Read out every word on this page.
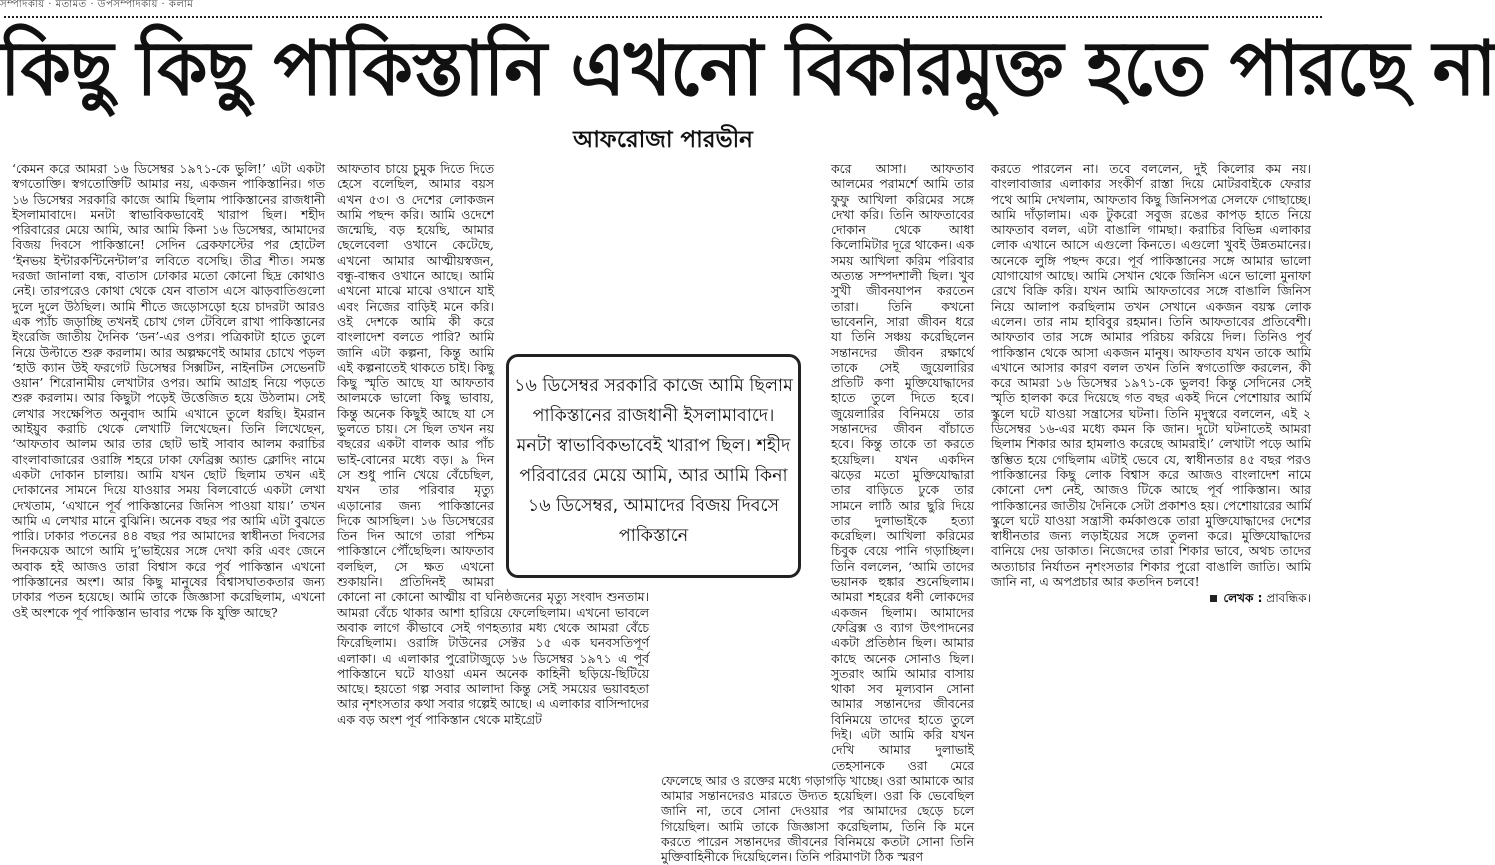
সম্পাদকীয় · মতামত · উপসম্পাদকীয় · কলাম
কিছু কিছু পাকিস্তানি এখনো বিকারমুক্ত হতে পারছে না
আফরোজা পারভীন

‘কেমন করে আমরা ১৬ ডিসেম্বর ১৯৭১-কে ভুলি!’ এটা একটা স্বগতোক্তি। স্বগতোক্তিটি আমার নয়, একজন পাকিস্তানির। গত ১৬ ডিসেম্বর সরকারি কাজে আমি ছিলাম পাকিস্তানের রাজধানী ইসলামাবাদে। মনটা স্বাভাবিকভাবেই খারাপ ছিল। শহীদ পরিবারের মেয়ে আমি, আর আমি কিনা ১৬ ডিসেম্বর, আমাদের বিজয় দিবসে পাকিস্তানে! সেদিন ব্রেকফাস্টের পর হোটেল ‘ইনভয় ইন্টারকন্টিনেন্টাল’র লবিতে বসেছি। তীব্র শীত। সমস্ত দরজা জানালা বন্ধ, বাতাস ঢোকার মতো কোনো ছিদ্র কোথাও নেই। তারপরেও কোথা থেকে যেন বাতাস এসে ঝাড়বাতিগুলো দুলে দুলে উঠছিল। আমি শীতে জড়োসড়ো হয়ে চাদরটা আরও এক প্যাঁচ জড়াচ্ছি তখনই চোখ গেল টেবিলে রাখা পাকিস্তানের ইংরেজি জাতীয় দৈনিক ‘ডন’-এর ওপর। পত্রিকাটা হাতে তুলে নিয়ে উল্টাতে শুরু করলাম। আর অল্পক্ষণেই আমার চোখে পড়ল ‘হাউ ক্যান উই ফরগেট ডিসেম্বর সিক্সটিন, নাইনটিন সেভেনটি ওয়ান’ শিরোনামীয় লেখাটার ওপর। আমি আগ্রহ নিয়ে পড়তে শুরু করলাম। আর কিছুটা পড়েই উত্তেজিত হয়ে উঠলাম। সেই লেখার সংক্ষেপিত অনুবাদ আমি এখানে তুলে ধরছি। ইমরান আইয়ুব করাচি থেকে লেখাটি লিখেছেন। তিনি লিখেছেন, ‘আফতাব আলম আর তার ছোট ভাই সাবাব আলম করাচির বাংলাবাজারের ওরাঙ্গি শহরে ঢাকা ফেব্রিক্স অ্যান্ড ক্লোদিং নামে একটা দোকান চালায়। আমি যখন ছোট ছিলাম তখন এই দোকানের সামনে দিয়ে যাওয়ার সময় বিলবোর্ডে একটা লেখা দেখতাম, ‘এখানে পূর্ব পাকিস্তানের জিনিস পাওয়া যায়।’ তখন আমি এ লেখার মানে বুঝিনি। অনেক বছর পর আমি এটা বুঝতে পারি। ঢাকার পতনের ৪৪ বছর পর আমাদের স্বাধীনতা দিবসের দিনকয়েক আগে আমি দু’ভাইয়ের সঙ্গে দেখা করি এবং জেনে অবাক হই আজও তারা বিশ্বাস করে পূর্ব পাকিস্তান এখনো পাকিস্তানের অংশ। আর কিছু মানুষের বিশ্বাসঘাতকতার জন্য ঢাকার পতন হয়েছে। আমি তাকে জিজ্ঞাসা করেছিলাম, এখনো ওই অংশকে পূর্ব পাকিস্তান ভাবার পক্ষে কি যুক্তি আছে?

আফতাব চায়ে চুমুক দিতে দিতে হেসে বলেছিল, আমার বয়স এখন ৫৩। ও দেশের লোকজন আমি পছন্দ করি। আমি ওদেশে জন্মেছি, বড় হয়েছি, আমার ছেলেবেলা ওখানে কেটেছে, এখনো আমার আত্মীয়স্বজন, বন্ধু-বান্ধব ওখানে আছে। আমি এখনো মাঝে মাঝে ওখানে যাই এবং নিজের বাড়িই মনে করি। ওই দেশকে আমি কী করে বাংলাদেশ বলতে পারি? আমি জানি এটা কল্পনা, কিন্তু আমি এই কল্পনাতেই থাকতে চাই। কিছু কিছু স্মৃতি আছে যা আফতাব আলমকে ভালো কিছু ভাবায়, কিন্তু অনেক কিছুই আছে যা সে ভুলতে চায়। সে ছিল তখন নয় বছরের একটা বালক আর পাঁচ ভাই-বোনের মধ্যে বড়। ৯ দিন সে শুধু পানি খেয়ে বেঁচেছিল, যখন তার পরিবার মৃত্যু এড়ানোর জন্য পাকিস্তানের দিকে আসছিল। ১৬ ডিসেম্বরের তিন দিন আগে তারা পশ্চিম পাকিস্তানে পৌঁছেছিল। আফতাব বলছিল, সে ক্ষত এখনো শুকায়নি। প্রতিদিনই আমরা কোনো না কোনো আত্মীয় বা ঘনিষ্ঠজনের মৃত্যু সংবাদ শুনতাম। আমরা বেঁচে থাকার আশা হারিয়ে ফেলেছিলাম। এখনো ভাবলে অবাক লাগে কীভাবে সেই গণহত্যার মধ্য থেকে আমরা বেঁচে ফিরেছিলাম। ওরাঙ্গি টাউনের সেক্টর ১৫ এক ঘনবসতিপূর্ণ এলাকা। এ এলাকার পুরোটাজুড়ে ১৬ ডিসেম্বর ১৯৭১ এ পূর্ব পাকিস্তানে ঘটে যাওয়া এমন অনেক কাহিনী ছড়িয়ে-ছিটিয়ে আছে। হয়তো গল্প সবার আলাদা কিন্তু সেই সময়ের ভয়াবহতা আর নৃশংসতার কথা সবার গল্পেই আছে। এ এলাকার বাসিন্দাদের এক বড় অংশ পূর্ব পাকিস্তান থেকে মাইগ্রেট

করে আসা। আফতাব আলমের পরামর্শে আমি তার ফুফু আখিলা করিমের সঙ্গে দেখা করি। তিনি আফতাবের দোকান থেকে আধা কিলোমিটার দূরে থাকেন। এক সময় আখিলা করিম পরিবার অত্যন্ত সম্পদশালী ছিল। খুব সুখী জীবনযাপন করতেন তারা। তিনি কখনো ভাবেননি, সারা জীবন ধরে যা তিনি সঞ্চয় করেছিলেন সন্তানদের জীবন রক্ষার্থে তাকে সেই জুয়েলারির প্রতিটি কণা মুক্তিযোদ্ধাদের হাতে তুলে দিতে হবে। জুয়েলারির বিনিময়ে তার সন্তানদের জীবন বাঁচাতে হবে। কিন্তু তাকে তা করতে হয়েছিল। যখন একদিন ঝড়ের মতো মুক্তিযোদ্ধারা তার বাড়িতে ঢুকে তার সামনে লাঠি আর ছুরি দিয়ে তার দুলাভাইকে হত্যা করেছিল। আখিলা করিমের চিবুক বেয়ে পানি গড়াচ্ছিল। তিনি বললেন, ‘আমি তাদের ভয়ানক হুঙ্কার শুনেছিলাম। আমরা শহরের ধনী লোকদের একজন ছিলাম। আমাদের ফেব্রিক্স ও ব্যাগ উৎপাদনের একটা প্রতিষ্ঠান ছিল। আমার কাছে অনেক সোনাও ছিল। সুতরাং আমি আমার বাসায় থাকা সব মূল্যবান সোনা আমার সন্তানদের জীবনের বিনিময়ে তাদের হাতে তুলে দিই। এটা আমি করি যখন দেখি আমার দুলাভাই তেহসানকে ওরা মেরে ফেলেছে আর ও রক্তের মধ্যে গড়াগড়ি খাচ্ছে। ওরা আমাকে আর আমার সন্তানদেরও মারতে উদ্যত হয়েছিল। ওরা কি ভেবেছিল জানি না, তবে সোনা দেওয়ার পর আমাদের ছেড়ে চলে গিয়েছিল। আমি তাকে জিজ্ঞাসা করেছিলাম, তিনি কি মনে করতে পারেন সন্তানদের জীবনের বিনিময়ে কতটা সোনা তিনি মুক্তিবাহিনীকে দিয়েছিলেন। তিনি পরিমাণটা ঠিক স্মরণ

করতে পারলেন না। তবে বললেন, দুই কিলোর কম নয়। বাংলাবাজার এলাকার সংকীর্ণ রাস্তা দিয়ে মোটরবাইকে ফেরার পথে আমি দেখলাম, আফতাব কিছু জিনিসপত্র সেলফে গোছাচ্ছে। আমি দাঁড়ালাম। এক টুকরো সবুজ রঙের কাপড় হাতে নিয়ে আফতাব বলল, এটা বাঙালি গামছা। করাচির বিভিন্ন এলাকার লোক এখানে আসে এগুলো কিনতে। এগুলো খুবই উন্নতমানের। অনেকে লুঙ্গি পছন্দ করে। পূর্ব পাকিস্তানের সঙ্গে আমার ভালো যোগাযোগ আছে। আমি সেখান থেকে জিনিস এনে ভালো মুনাফা রেখে বিক্রি করি। যখন আমি আফতাবের সঙ্গে বাঙালি জিনিস নিয়ে আলাপ করছিলাম তখন সেখানে একজন বয়স্ক লোক এলেন। তার নাম হাবিবুর রহমান। তিনি আফতাবের প্রতিবেশী। আফতাব তার সঙ্গে আমার পরিচয় করিয়ে দিল। তিনিও পূর্ব পাকিস্তান থেকে আসা একজন মানুষ। আফতাব যখন তাকে আমি এখানে আসার কারণ বলল তখন তিনি স্বগতোক্তি করলেন, কী করে আমরা ১৬ ডিসেম্বর ১৯৭১-কে ভুলব! কিন্তু সেদিনের সেই স্মৃতি হালকা করে দিয়েছে গত বছর একই দিনে পেশোয়ার আর্মি স্কুলে ঘটে যাওয়া সন্ত্রাসের ঘটনা। তিনি মৃদুস্বরে বললেন, এই ২ ডিসেম্বর ১৬-এর মধ্যে কমন কি জান। দুটো ঘটনাতেই আমরা ছিলাম শিকার আর হামলাও করেছে আমরাই।’ লেখাটা পড়ে আমি স্তম্ভিত হয়ে গেছিলাম এটাই ভেবে যে, স্বাধীনতার ৪৫ বছর পরও পাকিস্তানের কিছু লোক বিশ্বাস করে আজও বাংলাদেশ নামে কোনো দেশ নেই, আজও টিকে আছে পূর্ব পাকিস্তান। আর পাকিস্তানের জাতীয় দৈনিকে সেটা প্রকাশও হয়। পেশোয়ারের আর্মি স্কুলে ঘটে যাওয়া সন্ত্রাসী কর্মকাণ্ডকে তারা মুক্তিযোদ্ধাদের দেশের স্বাধীনতার জন্য লড়াইয়ের সঙ্গে তুলনা করে। মুক্তিযোদ্ধাদের বানিয়ে দেয় ডাকাত। নিজেদের তারা শিকার ভাবে, অথচ তাদের অত্যাচার নির্যাতন নৃশংসতার শিকার পুরো বাঙালি জাতি। আমি জানি না, এ অপপ্রচার আর কতদিন চলবে!

লেখক : প্রাবন্ধিক।
১৬ ডিসেম্বর সরকারি কাজে আমি ছিলাম পাকিস্তানের রাজধানী ইসলামাবাদে। মনটা স্বাভাবিকভাবেই খারাপ ছিল। শহীদ পরিবারের মেয়ে আমি, আর আমি কিনা ১৬ ডিসেম্বর, আমাদের বিজয় দিবসে পাকিস্তানে
